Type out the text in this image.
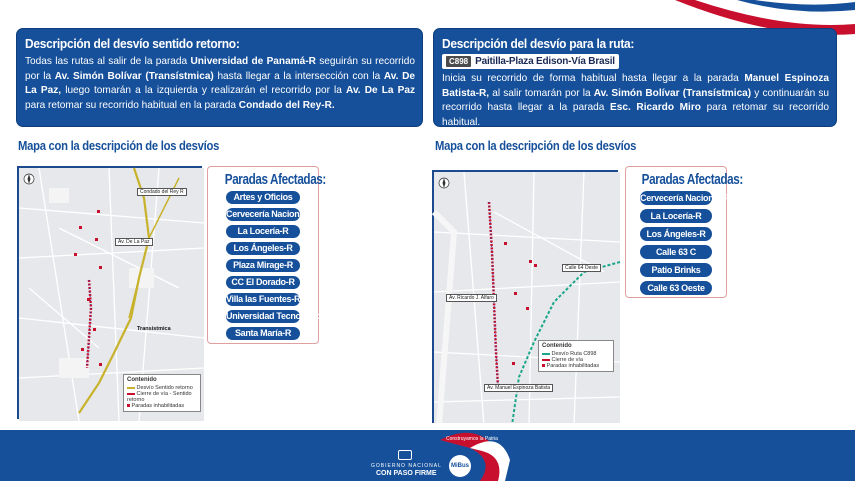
Descripción del desvío sentido retorno:

Todas las rutas al salir de la parada Universidad de Panamá-R seguirán su recorrido por la Av. Simón Bolívar (Transístmica) hasta llegar a la intersección con la Av. De La Paz, luego tomarán a la izquierda y realizarán el recorrido por la Av. De La Paz para retomar su recorrido habitual en la parada Condado del Rey-R.

Descripción del desvío para la ruta:
C898 Paitilla-Plaza Edison-Vía Brasil

Inicia su recorrido de forma habitual hasta llegar a la parada Manuel Espinoza Batista-R, al salir tomarán por la Av. Simón Bolívar (Transístmica) y continuarán su recorrido hasta llegar a la parada Esc. Ricardo Miro para retomar su recorrido habitual.

Mapa con la descripción de los desvíos	Mapa con la descripción de los desvíos
Condado del Rey R
Av. De La Paz
Transístmica
Contenido
Desvío Sentido retorno
Cierre de vía - Sentido retorno
Paradas inhabilitadas
Paradas Afectadas:
Artes y Oficios
Cervecería Nacional-R
La Locería-R
Los Ángeles-R
Plaza Mirage-R
CC El Dorado-R
Villa las Fuentes-R
Universidad Tecnológica-R
Santa María-R
Calle 64 Oeste
Av. Ricardo J. Alfaro
Av. Manuel Espinoza Batista
Contenido
Desvío Ruta C898
Cierre de vía
Paradas inhabilitadas
Paradas Afectadas:
Cervecería Nacional-R
La Locería-R
Los Ángeles-R
Calle 63 C
Patio Brinks
Calle 63 Oeste
Construyamos la Patria
GOBIERNO NACIONAL
CON PASO FIRME
MiBus
